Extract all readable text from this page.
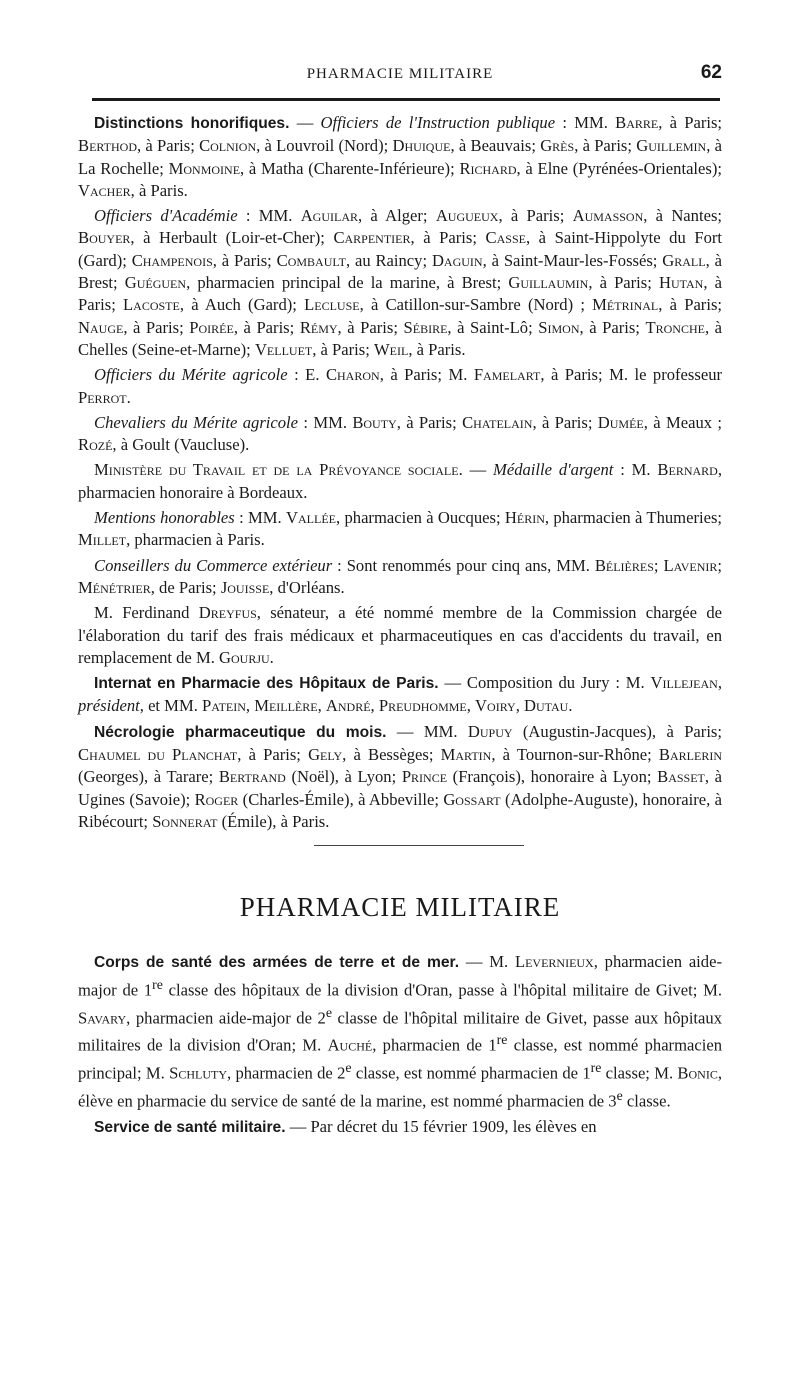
PHARMACIE MILITAIRE	62

Distinctions honorifiques. — Officiers de l'Instruction publique : MM. Barre, à Paris; Berthod, à Paris; Colnion, à Louvroil (Nord); Dhuique, à Beauvais; Grès, à Paris; Guillemin, à La Rochelle; Monmoine, à Matha (Charente-Inférieure); Richard, à Elne (Pyrénées-Orientales); Vacher, à Paris.

Officiers d'Académie : MM. Aguilar, à Alger; Augueux, à Paris; Aumasson, à Nantes; Bouyer, à Herbault (Loir-et-Cher); Carpentier, à Paris; Casse, à Saint-Hippolyte du Fort (Gard); Champenois, à Paris; Combault, au Raincy; Daguin, à Saint-Maur-les-Fossés; Grall, à Brest; Guéguen, pharmacien principal de la marine, à Brest; Guillaumin, à Paris; Hutan, à Paris; Lacoste, à Auch (Gard); Lecluse, à Catillon-sur-Sambre (Nord) ; Métrinal, à Paris; Nauge, à Paris; Poirée, à Paris; Rémy, à Paris; Sébire, à Saint-Lô; Simon, à Paris; Tronche, à Chelles (Seine-et-Marne); Velluet, à Paris; Weil, à Paris.

Officiers du Mérite agricole : E. Charon, à Paris; M. Famelart, à Paris; M. le professeur Perrot.

Chevaliers du Mérite agricole : MM. Bouty, à Paris; Chatelain, à Paris; Dumée, à Meaux ; Rozé, à Goult (Vaucluse).

Ministère du Travail et de la Prévoyance sociale. — Médaille d'argent : M. Bernard, pharmacien honoraire à Bordeaux.

Mentions honorables : MM. Vallée, pharmacien à Oucques; Hérin, pharmacien à Thumeries; Millet, pharmacien à Paris.

Conseillers du Commerce extérieur : Sont renommés pour cinq ans, MM. Bélières; Lavenir; Ménétrier, de Paris; Jouisse, d'Orléans.

M. Ferdinand Dreyfus, sénateur, a été nommé membre de la Commission chargée de l'élaboration du tarif des frais médicaux et pharmaceutiques en cas d'accidents du travail, en remplacement de M. Gourju.

Internat en Pharmacie des Hôpitaux de Paris. — Composition du Jury : M. Villejean, président, et MM. Patein, Meillère, André, Preudhomme, Voiry, Dutau.

Nécrologie pharmaceutique du mois. — MM. Dupuy (Augustin-Jacques), à Paris; Chaumel du Planchat, à Paris; Gely, à Bessèges; Martin, à Tournon-sur-Rhône; Barlerin (Georges), à Tarare; Bertrand (Noël), à Lyon; Prince (François), honoraire à Lyon; Basset, à Ugines (Savoie); Roger (Charles-Émile), à Abbeville; Gossart (Adolphe-Auguste), honoraire, à Ribécourt; Sonnerat (Émile), à Paris.

PHARMACIE MILITAIRE

Corps de santé des armées de terre et de mer. — M. Levernieux, pharmacien aide-major de 1re classe des hôpitaux de la division d'Oran, passe à l'hôpital militaire de Givet; M. Savary, pharmacien aide-major de 2e classe de l'hôpital militaire de Givet, passe aux hôpitaux militaires de la division d'Oran; M. Auché, pharmacien de 1re classe, est nommé pharmacien principal; M. Schluty, pharmacien de 2e classe, est nommé pharmacien de 1re classe; M. Bonic, élève en pharmacie du service de santé de la marine, est nommé pharmacien de 3e classe.

Service de santé militaire. — Par décret du 15 février 1909, les élèves en
